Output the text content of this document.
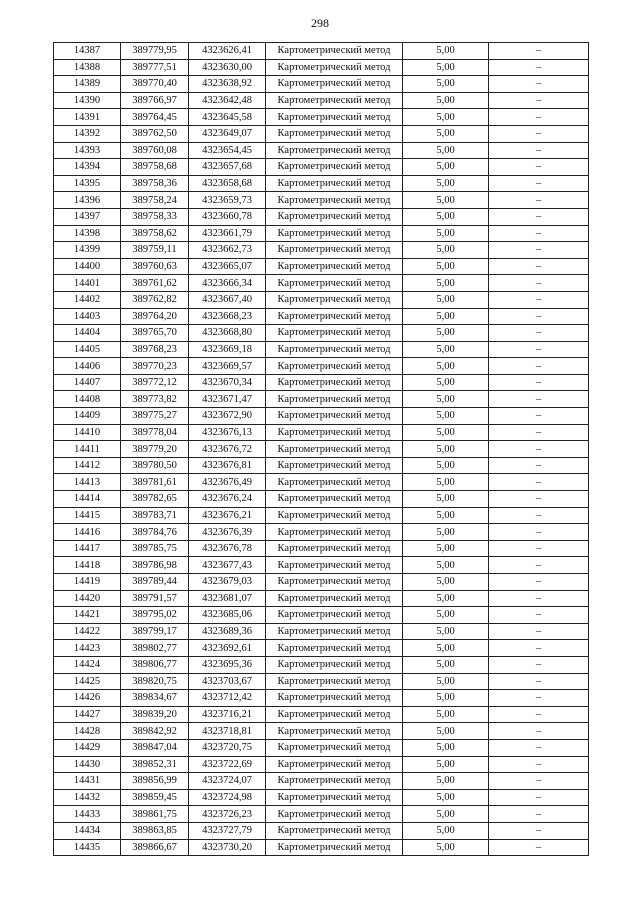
298
14387	389779,95	4323626,41	Картометрический метод	5,00	–
14388	389777,51	4323630,00	Картометрический метод	5,00	–
14389	389770,40	4323638,92	Картометрический метод	5,00	–
14390	389766,97	4323642,48	Картометрический метод	5,00	–
14391	389764,45	4323645,58	Картометрический метод	5,00	–
14392	389762,50	4323649,07	Картометрический метод	5,00	–
14393	389760,08	4323654,45	Картометрический метод	5,00	–
14394	389758,68	4323657,68	Картометрический метод	5,00	–
14395	389758,36	4323658,68	Картометрический метод	5,00	–
14396	389758,24	4323659,73	Картометрический метод	5,00	–
14397	389758,33	4323660,78	Картометрический метод	5,00	–
14398	389758,62	4323661,79	Картометрический метод	5,00	–
14399	389759,11	4323662,73	Картометрический метод	5,00	–
14400	389760,63	4323665,07	Картометрический метод	5,00	–
14401	389761,62	4323666,34	Картометрический метод	5,00	–
14402	389762,82	4323667,40	Картометрический метод	5,00	–
14403	389764,20	4323668,23	Картометрический метод	5,00	–
14404	389765,70	4323668,80	Картометрический метод	5,00	–
14405	389768,23	4323669,18	Картометрический метод	5,00	–
14406	389770,23	4323669,57	Картометрический метод	5,00	–
14407	389772,12	4323670,34	Картометрический метод	5,00	–
14408	389773,82	4323671,47	Картометрический метод	5,00	–
14409	389775,27	4323672,90	Картометрический метод	5,00	–
14410	389778,04	4323676,13	Картометрический метод	5,00	–
14411	389779,20	4323676,72	Картометрический метод	5,00	–
14412	389780,50	4323676,81	Картометрический метод	5,00	–
14413	389781,61	4323676,49	Картометрический метод	5,00	–
14414	389782,65	4323676,24	Картометрический метод	5,00	–
14415	389783,71	4323676,21	Картометрический метод	5,00	–
14416	389784,76	4323676,39	Картометрический метод	5,00	–
14417	389785,75	4323676,78	Картометрический метод	5,00	–
14418	389786,98	4323677,43	Картометрический метод	5,00	–
14419	389789,44	4323679,03	Картометрический метод	5,00	–
14420	389791,57	4323681,07	Картометрический метод	5,00	–
14421	389795,02	4323685,06	Картометрический метод	5,00	–
14422	389799,17	4323689,36	Картометрический метод	5,00	–
14423	389802,77	4323692,61	Картометрический метод	5,00	–
14424	389806,77	4323695,36	Картометрический метод	5,00	–
14425	389820,75	4323703,67	Картометрический метод	5,00	–
14426	389834,67	4323712,42	Картометрический метод	5,00	–
14427	389839,20	4323716,21	Картометрический метод	5,00	–
14428	389842,92	4323718,81	Картометрический метод	5,00	–
14429	389847,04	4323720,75	Картометрический метод	5,00	–
14430	389852,31	4323722,69	Картометрический метод	5,00	–
14431	389856,99	4323724,07	Картометрический метод	5,00	–
14432	389859,45	4323724,98	Картометрический метод	5,00	–
14433	389861,75	4323726,23	Картометрический метод	5,00	–
14434	389863,85	4323727,79	Картометрический метод	5,00	–
14435	389866,67	4323730,20	Картометрический метод	5,00	–
